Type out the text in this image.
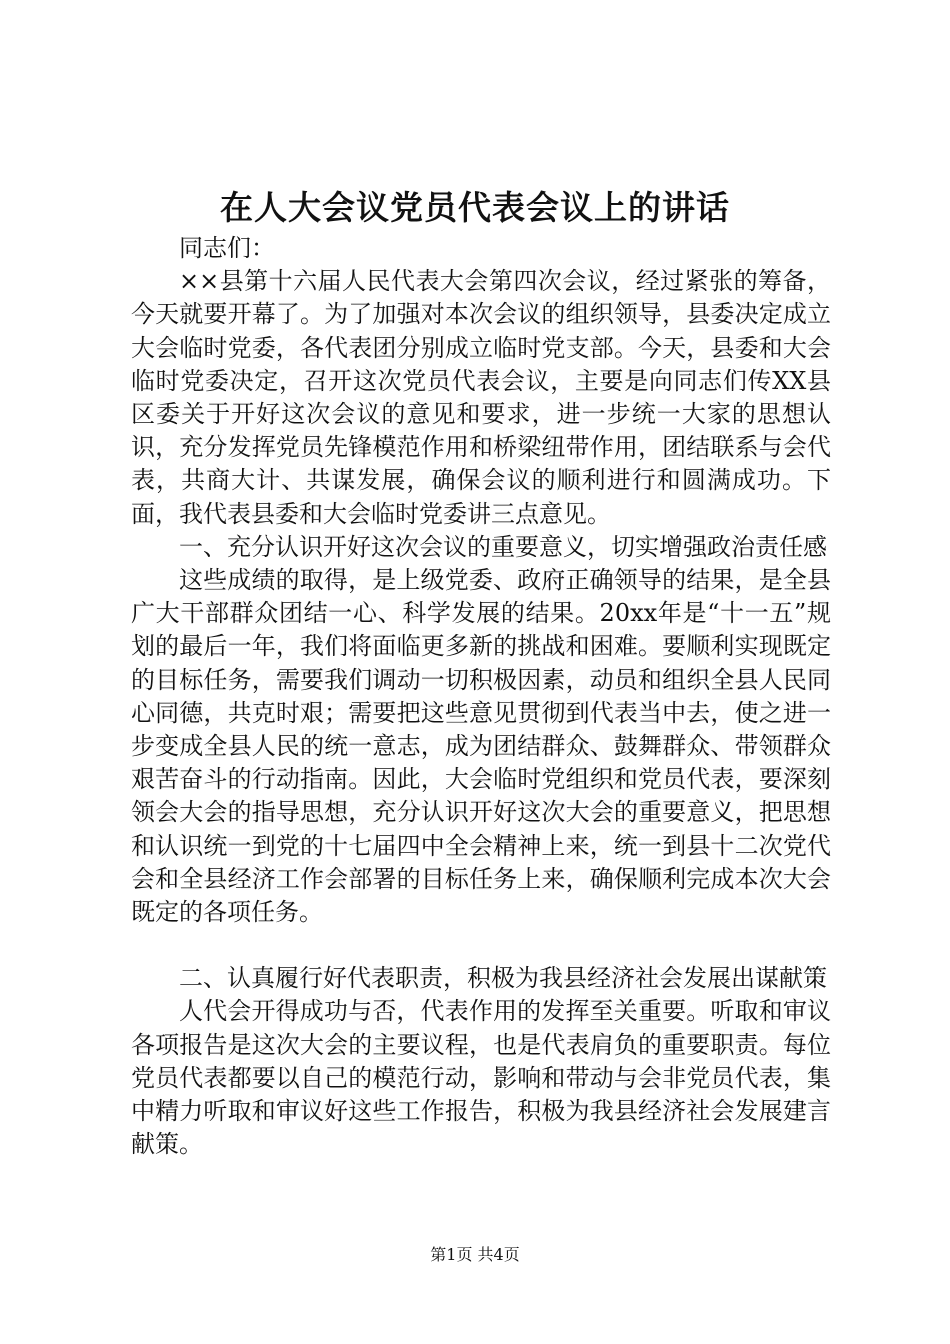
在人大会议党员代表会议上的讲话

同志们：

××县第十六届人民代表大会第四次会议，经过紧张的筹备，今天就要开幕了。为了加强对本次会议的组织领导，县委决定成立大会临时党委，各代表团分别成立临时党支部。今天，县委和大会临时党委决定，召开这次党员代表会议，主要是向同志们传XX县区委关于开好这次会议的意见和要求，进一步统一大家的思想认识，充分发挥党员先锋模范作用和桥梁纽带作用，团结联系与会代表，共商大计、共谋发展，确保会议的顺利进行和圆满成功。下面，我代表县委和大会临时党委讲三点意见。

一、充分认识开好这次会议的重要意义，切实增强政治责任感

这些成绩的取得，是上级党委、政府正确领导的结果，是全县广大干部群众团结一心、科学发展的结果。20xx年是“十一五”规划的最后一年，我们将面临更多新的挑战和困难。要顺利实现既定的目标任务，需要我们调动一切积极因素，动员和组织全县人民同心同德，共克时艰；需要把这些意见贯彻到代表当中去，使之进一步变成全县人民的统一意志，成为团结群众、鼓舞群众、带领群众艰苦奋斗的行动指南。因此，大会临时党组织和党员代表，要深刻领会大会的指导思想，充分认识开好这次大会的重要意义，把思想和认识统一到党的十七届四中全会精神上来，统一到县十二次党代会和全县经济工作会部署的目标任务上来，确保顺利完成本次大会既定的各项任务。

二、认真履行好代表职责，积极为我县经济社会发展出谋献策

人代会开得成功与否，代表作用的发挥至关重要。听取和审议各项报告是这次大会的主要议程，也是代表肩负的重要职责。每位党员代表都要以自己的模范行动，影响和带动与会非党员代表，集中精力听取和审议好这些工作报告，积极为我县经济社会发展建言献策。

第1页 共4页
